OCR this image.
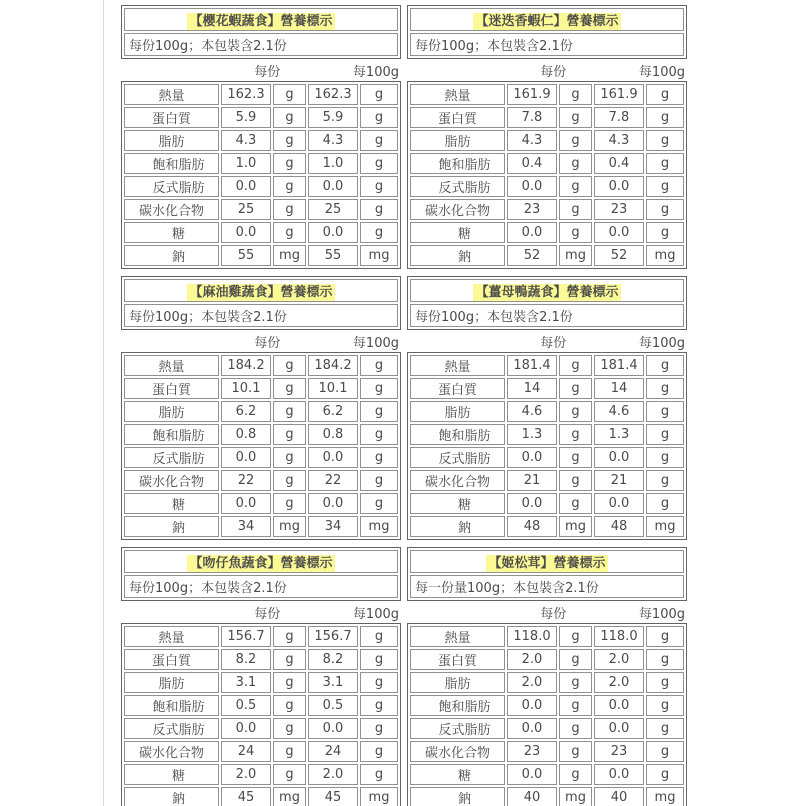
【櫻花蝦蔬食】營養標示
每份100g；本包裝含2.1份
	每份		每100g
熱量	162.3	g	162.3	g
蛋白質	5.9	g	5.9	g
脂肪	4.3	g	4.3	g
飽和脂肪	1.0	g	1.0	g
反式脂肪	0.0	g	0.0	g
碳水化合物	25	g	25	g
糖	0.0	g	0.0	g
鈉	55	mg	55	mg
【迷迭香蝦仁】營養標示
每份100g；本包裝含2.1份
	每份		每100g
熱量	161.9	g	161.9	g
蛋白質	7.8	g	7.8	g
脂肪	4.3	g	4.3	g
飽和脂肪	0.4	g	0.4	g
反式脂肪	0.0	g	0.0	g
碳水化合物	23	g	23	g
糖	0.0	g	0.0	g
鈉	52	mg	52	mg
【麻油雞蔬食】營養標示
每份100g；本包裝含2.1份
	每份		每100g
熱量	184.2	g	184.2	g
蛋白質	10.1	g	10.1	g
脂肪	6.2	g	6.2	g
飽和脂肪	0.8	g	0.8	g
反式脂肪	0.0	g	0.0	g
碳水化合物	22	g	22	g
糖	0.0	g	0.0	g
鈉	34	mg	34	mg
【薑母鴨蔬食】營養標示
每份100g；本包裝含2.1份
	每份		每100g
熱量	181.4	g	181.4	g
蛋白質	14	g	14	g
脂肪	4.6	g	4.6	g
飽和脂肪	1.3	g	1.3	g
反式脂肪	0.0	g	0.0	g
碳水化合物	21	g	21	g
糖	0.0	g	0.0	g
鈉	48	mg	48	mg
【吻仔魚蔬食】營養標示
每份100g；本包裝含2.1份
	每份		每100g
熱量	156.7	g	156.7	g
蛋白質	8.2	g	8.2	g
脂肪	3.1	g	3.1	g
飽和脂肪	0.5	g	0.5	g
反式脂肪	0.0	g	0.0	g
碳水化合物	24	g	24	g
糖	2.0	g	2.0	g
鈉	45	mg	45	mg
【姬松茸】營養標示
每一份量100g；本包裝含2.1份
	每份		每100g
熱量	118.0	g	118.0	g
蛋白質	2.0	g	2.0	g
脂肪	2.0	g	2.0	g
飽和脂肪	0.0	g	0.0	g
反式脂肪	0.0	g	0.0	g
碳水化合物	23	g	23	g
糖	0.0	g	0.0	g
鈉	40	mg	40	mg
